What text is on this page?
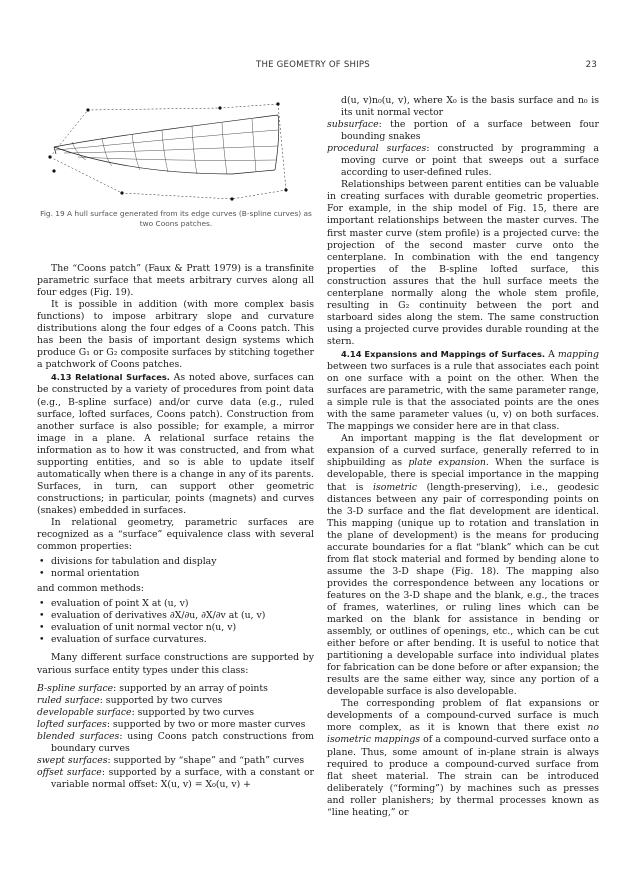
THE GEOMETRY OF SHIPS	23
Fig. 19 A hull surface generated from its edge curves (B-spline curves) as two Coons patches.

The “Coons patch” (Faux & Pratt 1979) is a transfinite parametric surface that meets arbitrary curves along all four edges (Fig. 19).

It is possible in addition (with more complex basis functions) to impose arbitrary slope and curvature distributions along the four edges of a Coons patch. This has been the basis of important design systems which produce G₁ or G₂ composite surfaces by stitching together a patchwork of Coons patches.

4.13 Relational Surfaces. As noted above, surfaces can be constructed by a variety of procedures from point data (e.g., B-spline surface) and/or curve data (e.g., ruled surface, lofted surfaces, Coons patch). Construction from another surface is also possible; for example, a mirror image in a plane. A relational surface retains the information as to how it was constructed, and from what supporting entities, and so is able to update itself automatically when there is a change in any of its parents. Surfaces, in turn, can support other geometric constructions; in particular, points (magnets) and curves (snakes) embedded in surfaces.

In relational geometry, parametric surfaces are recognized as a “surface” equivalence class with several common properties:

• divisions for tabulation and display
• normal orientation

and common methods:

• evaluation of point X at (u, v)
• evaluation of derivatives ∂X/∂u, ∂X/∂v at (u, v)
• evaluation of unit normal vector n(u, v)
• evaluation of surface curvatures.

Many different surface constructions are supported by various surface entity types under this class:

B-spline surface: supported by an array of points

ruled surface: supported by two curves

developable surface: supported by two curves

lofted surfaces: supported by two or more master curves

blended surfaces: using Coons patch constructions from boundary curves

swept surfaces: supported by “shape” and “path” curves

offset surface: supported by a surface, with a constant or variable normal offset: X(u, v) = X₀(u, v) +

d(u, v)n₀(u, v), where X₀ is the basis surface and n₀ is its unit normal vector

subsurface: the portion of a surface between four bounding snakes

procedural surfaces: constructed by programming a moving curve or point that sweeps out a surface according to user-defined rules.

Relationships between parent entities can be valuable in creating surfaces with durable geometric properties. For example, in the ship model of Fig. 15, there are important relationships between the master curves. The first master curve (stem profile) is a projected curve: the projection of the second master curve onto the centerplane. In combination with the end tangency properties of the B-spline lofted surface, this construction assures that the hull surface meets the centerplane normally along the whole stem profile, resulting in G₂ continuity between the port and starboard sides along the stem. The same construction using a projected curve provides durable rounding at the stern.

4.14 Expansions and Mappings of Surfaces. A mapping between two surfaces is a rule that associates each point on one surface with a point on the other. When the surfaces are parametric, with the same parameter range, a simple rule is that the associated points are the ones with the same parameter values (u, v) on both surfaces. The mappings we consider here are in that class.

An important mapping is the flat development or expansion of a curved surface, generally referred to in shipbuilding as plate expansion. When the surface is developable, there is special importance in the mapping that is isometric (length-preserving), i.e., geodesic distances between any pair of corresponding points on the 3-D surface and the flat development are identical. This mapping (unique up to rotation and translation in the plane of development) is the means for producing accurate boundaries for a flat “blank” which can be cut from flat stock material and formed by bending alone to assume the 3-D shape (Fig. 18). The mapping also provides the correspondence between any locations or features on the 3-D shape and the blank, e.g., the traces of frames, waterlines, or ruling lines which can be marked on the blank for assistance in bending or assembly, or outlines of openings, etc., which can be cut either before or after bending. It is useful to notice that partitioning a developable surface into individual plates for fabrication can be done before or after expansion; the results are the same either way, since any portion of a developable surface is also developable.

The corresponding problem of flat expansions or developments of a compound-curved surface is much more complex, as it is known that there exist no isometric mappings of a compound-curved surface onto a plane. Thus, some amount of in-plane strain is always required to produce a compound-curved surface from flat sheet material. The strain can be introduced deliberately (“forming”) by machines such as presses and roller planishers; by thermal processes known as “line heating,” or
